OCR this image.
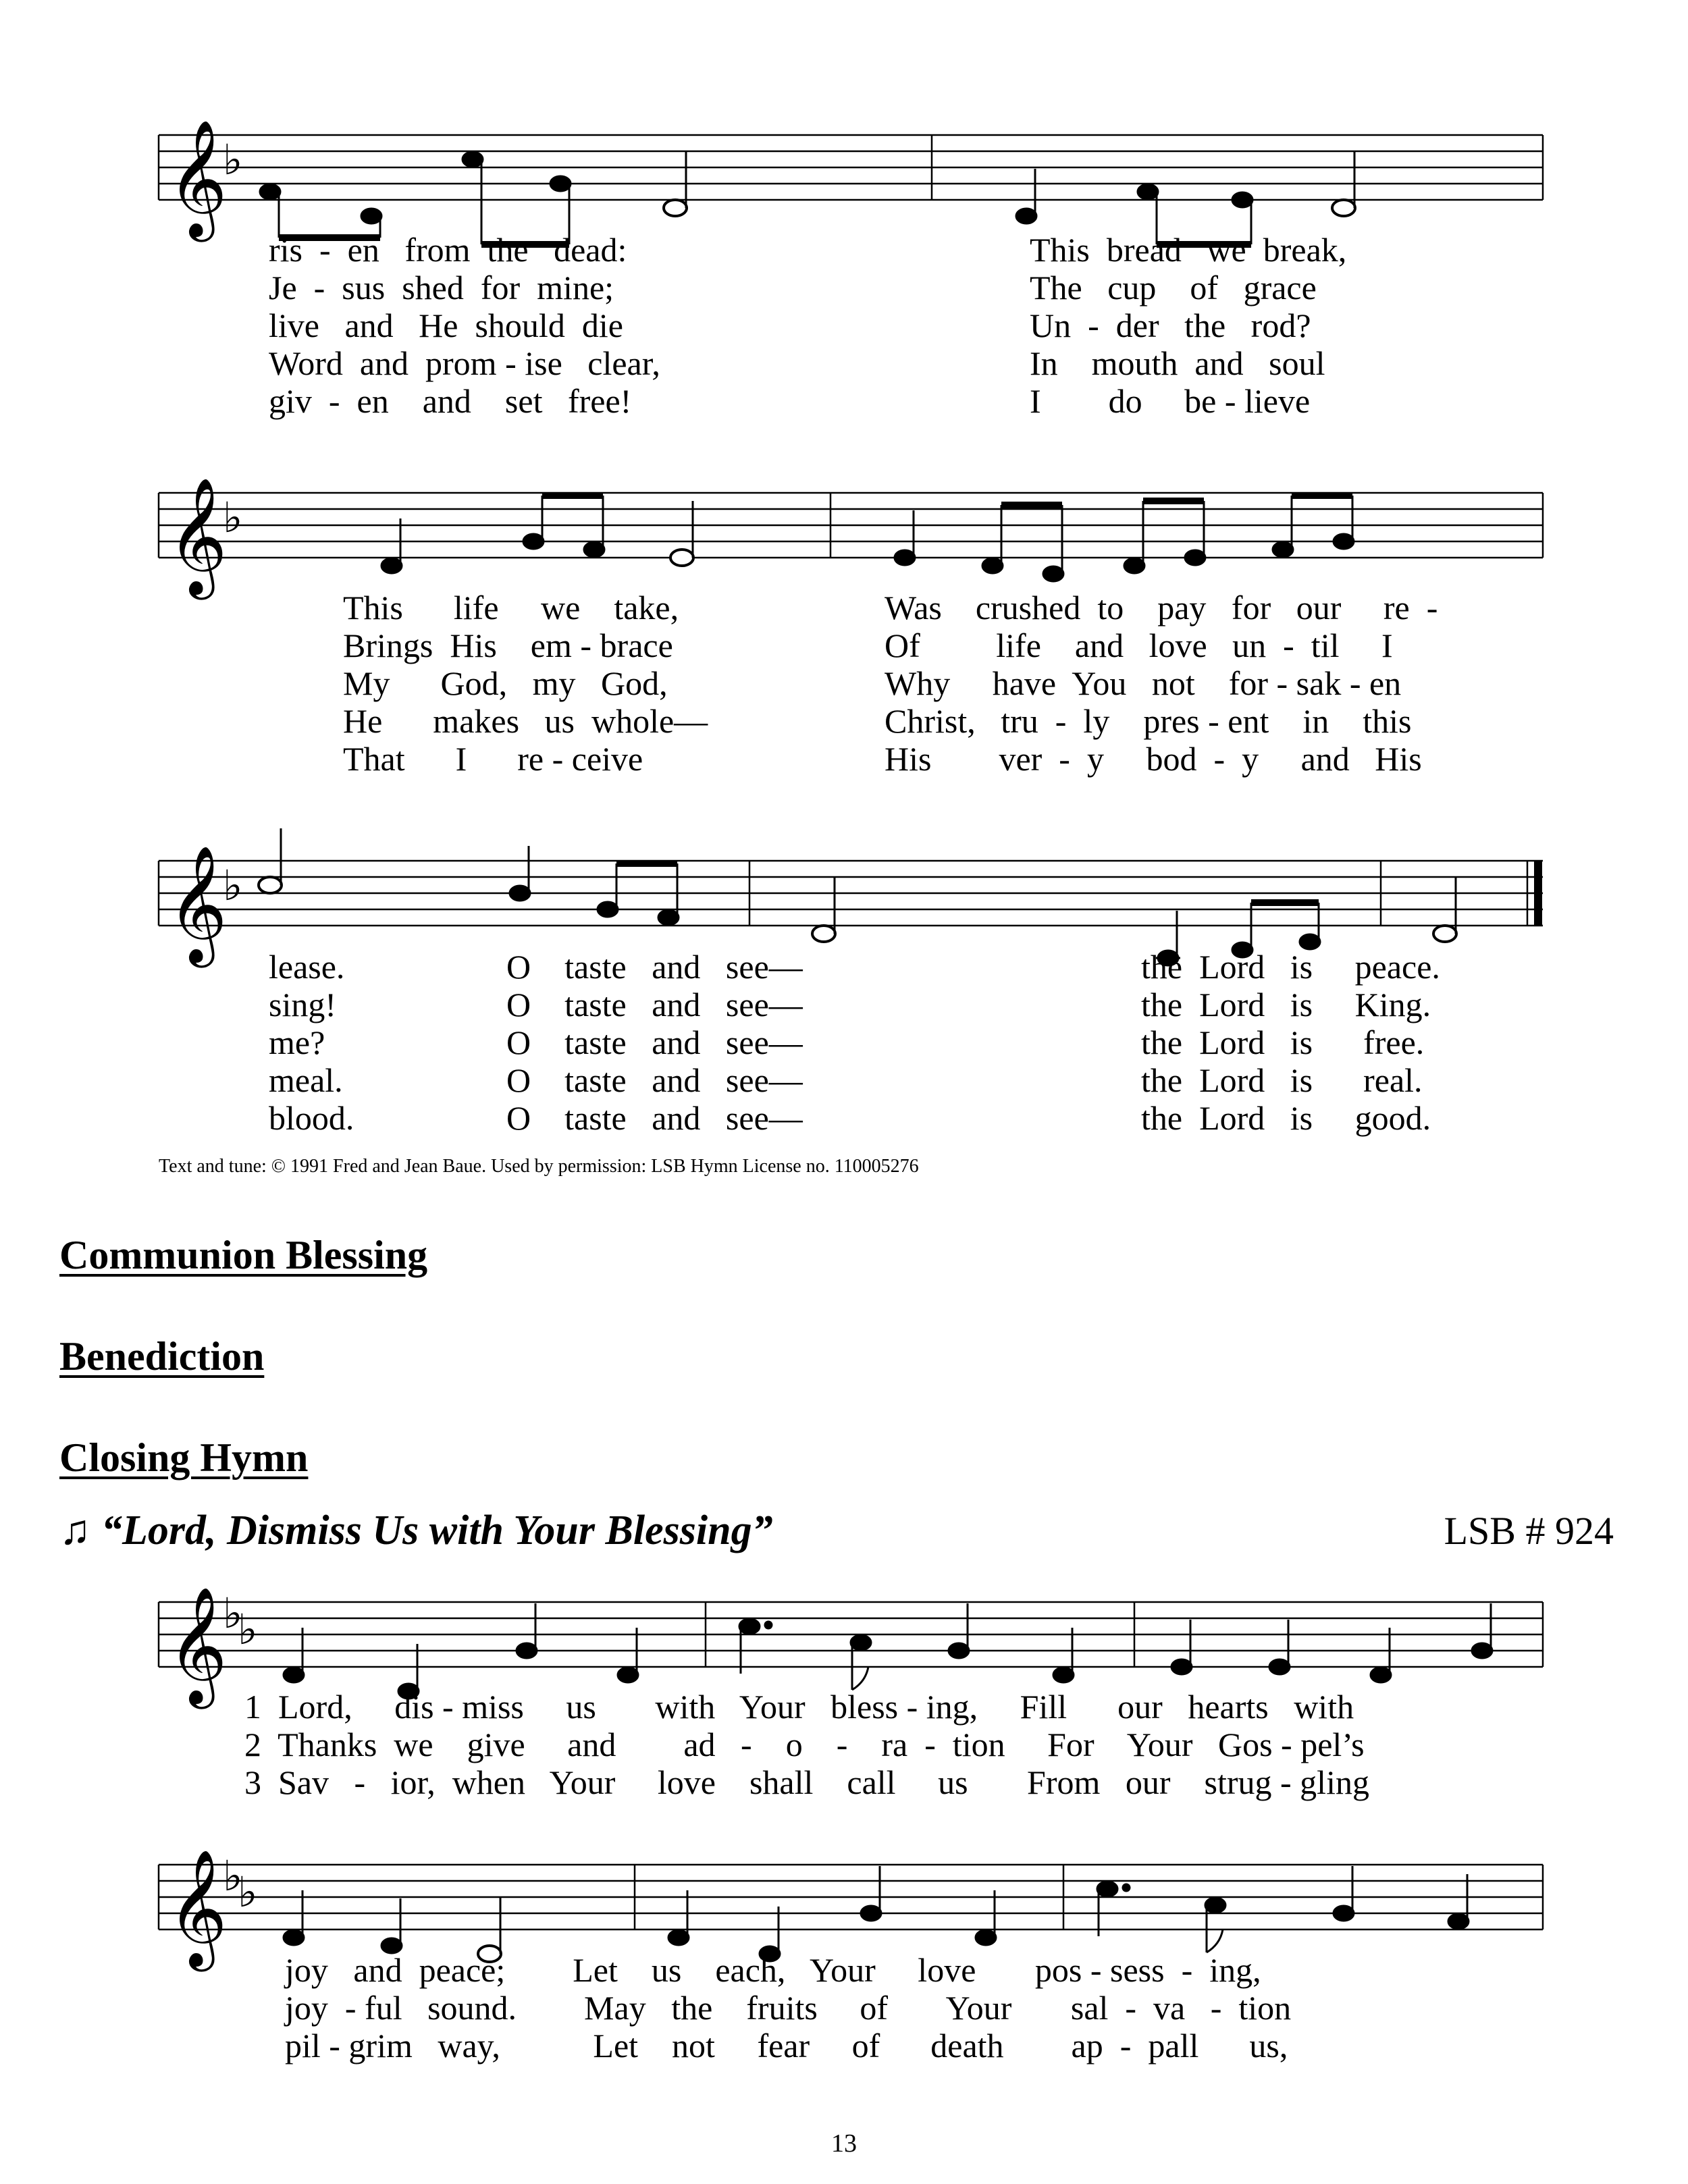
𝄞
♭
ris  -  en   from  the   dead:
Je  -  sus  shed  for  mine;
live   and   He  should  die
Word  and  prom - ise   clear,
giv  -  en    and    set   free!
This  bread   we  break,
The   cup    of   grace
Un  -  der   the   rod?
In    mouth  and   soul
I        do     be - lieve
𝄞
♭
This      life     we    take,
Brings  His    em - brace
My      God,   my   God,
He      makes   us  whole—
That      I      re - ceive
Was    crushed  to    pay   for   our     re  -
Of         life    and   love   un  -  til     I
Why     have  You   not    for - sak - en
Christ,   tru  -  ly    pres - ent    in    this
His        ver  -  y     bod  -  y     and   His
𝄞
♭
lease.
sing!
me?
meal.
blood.
O    taste   and   see—
O    taste   and   see—
O    taste   and   see—
O    taste   and   see—
O    taste   and   see—
the  Lord   is     peace.
the  Lord   is     King.
the  Lord   is      free.
the  Lord   is      real.
the  Lord   is     good.
Text and tune: © 1991 Fred and Jean Baue. Used by permission: LSB Hymn License no. 110005276
Communion Blessing
Benediction
Closing Hymn
♫ “Lord, Dismiss Us with Your Blessing”	LSB # 924
𝄞
♭
♭
1  Lord,     dis - miss     us       with   Your   bless - ing,     Fill      our   hearts   with
2  Thanks  we    give     and        ad   -    o    -    ra  -  tion     For    Your   Gos - pel’s
3  Sav   -   ior,  when   Your     love    shall    call     us       From   our    strug - gling
𝄞
♭
♭
joy   and  peace;        Let    us    each,   Your     love       pos - sess  -  ing,
joy  - ful   sound.        May   the    fruits     of       Your       sal  -  va   -  tion
pil - grim   way,           Let    not     fear     of      death        ap  -  pall      us,
13
